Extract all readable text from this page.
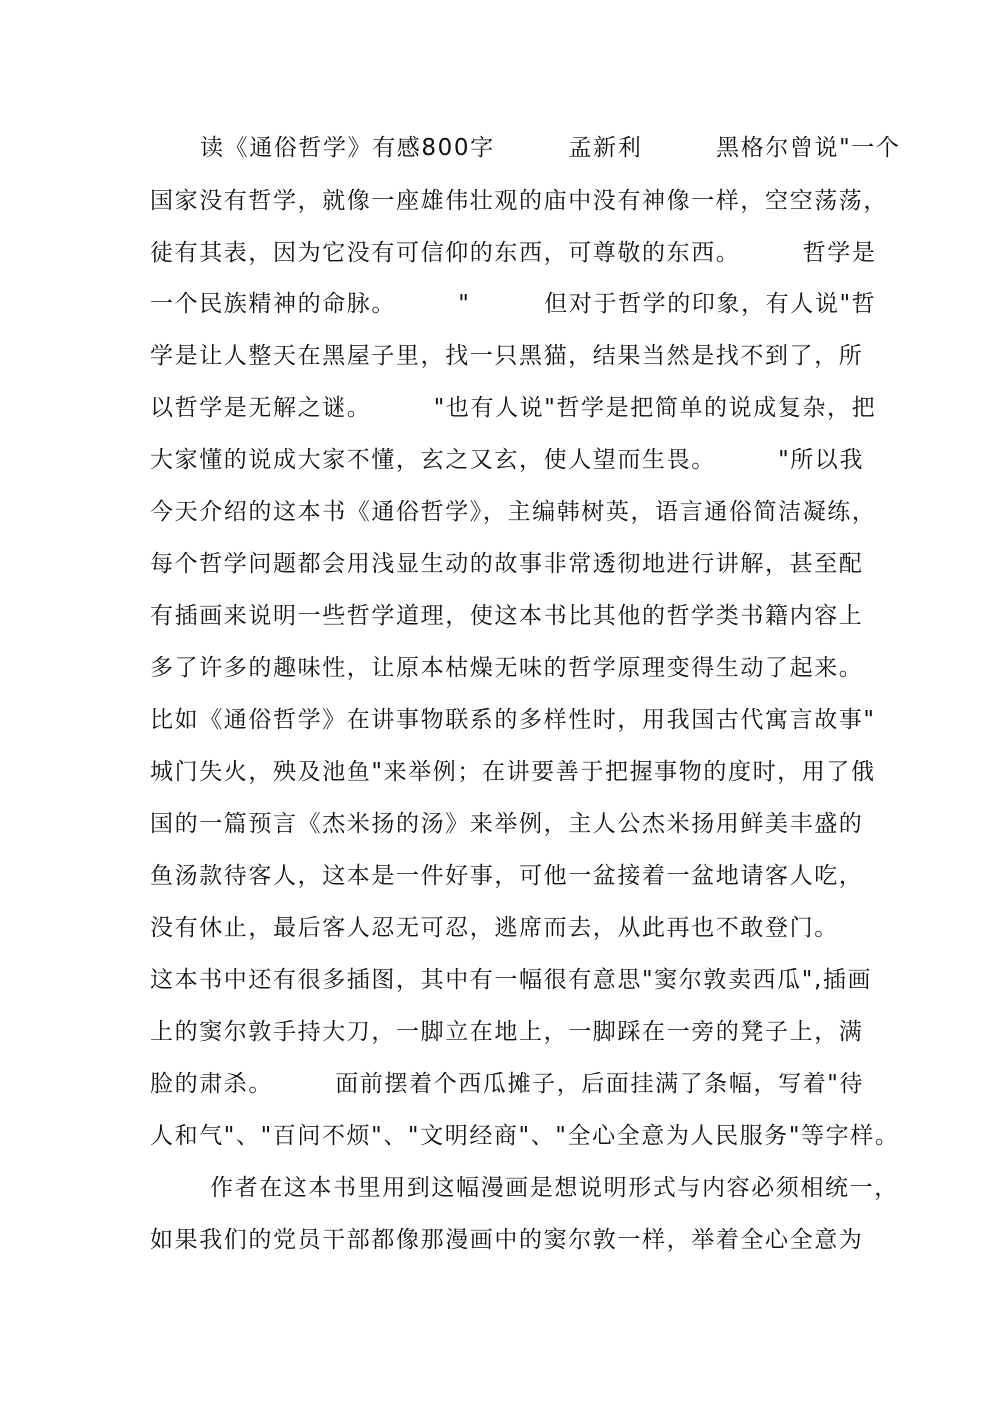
读《通俗哲学》有感800字　　　孟新利　　　黑格尔曾说"一个
国家没有哲学，就像一座雄伟壮观的庙中没有神像一样，空空荡荡，
徒有其表，因为它没有可信仰的东西，可尊敬的东西。　　　哲学是
一个民族精神的命脉。　　　"　　　但对于哲学的印象，有人说"哲
学是让人整天在黑屋子里，找一只黑猫，结果当然是找不到了，所
以哲学是无解之谜。　　　"也有人说"哲学是把简单的说成复杂，把
大家懂的说成大家不懂，玄之又玄，使人望而生畏。　　　"所以我
今天介绍的这本书《通俗哲学》，主编韩树英，语言通俗简洁凝练，
每个哲学问题都会用浅显生动的故事非常透彻地进行讲解，甚至配
有插画来说明一些哲学道理，使这本书比其他的哲学类书籍内容上
多了许多的趣味性，让原本枯燥无味的哲学原理变得生动了起来。
比如《通俗哲学》在讲事物联系的多样性时，用我国古代寓言故事"
城门失火，殃及池鱼"来举例；在讲要善于把握事物的度时，用了俄
国的一篇预言《杰米扬的汤》来举例，主人公杰米扬用鲜美丰盛的
鱼汤款待客人，这本是一件好事，可他一盆接着一盆地请客人吃，
没有休止，最后客人忍无可忍，逃席而去，从此再也不敢登门。
这本书中还有很多插图，其中有一幅很有意思"窦尔敦卖西瓜",插画
上的窦尔敦手持大刀，一脚立在地上，一脚踩在一旁的凳子上，满
脸的肃杀。　　　面前摆着个西瓜摊子，后面挂满了条幅，写着"待
人和气"、"百问不烦"、"文明经商"、"全心全意为人民服务"等字样。
作者在这本书里用到这幅漫画是想说明形式与内容必须相统一，
如果我们的党员干部都像那漫画中的窦尔敦一样，举着全心全意为
